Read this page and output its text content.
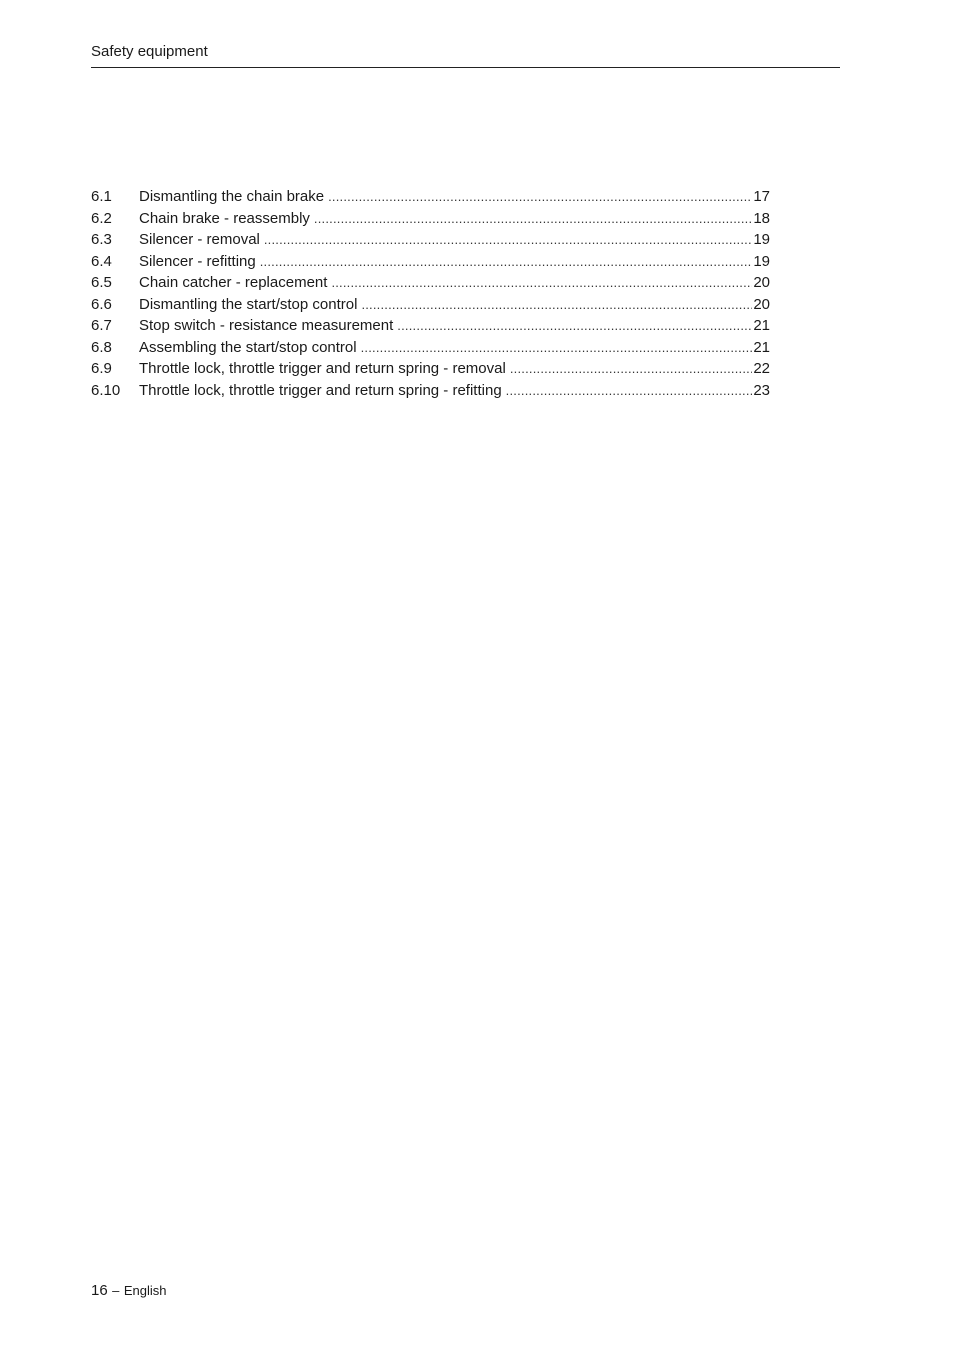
Safety equipment
6.1	Dismantling the chain brake .....	17
6.2	Chain brake - reassembly .....	18
6.3	Silencer - removal .....	19
6.4	Silencer - refitting .....	19
6.5	Chain catcher - replacement .....	20
6.6	Dismantling the start/stop control .....	20
6.7	Stop switch - resistance measurement .....	21
6.8	Assembling the start/stop control .....	21
6.9	Throttle lock, throttle trigger and return spring - removal .....	22
6.10	Throttle lock, throttle trigger and return spring - refitting .....	23
16 – English
